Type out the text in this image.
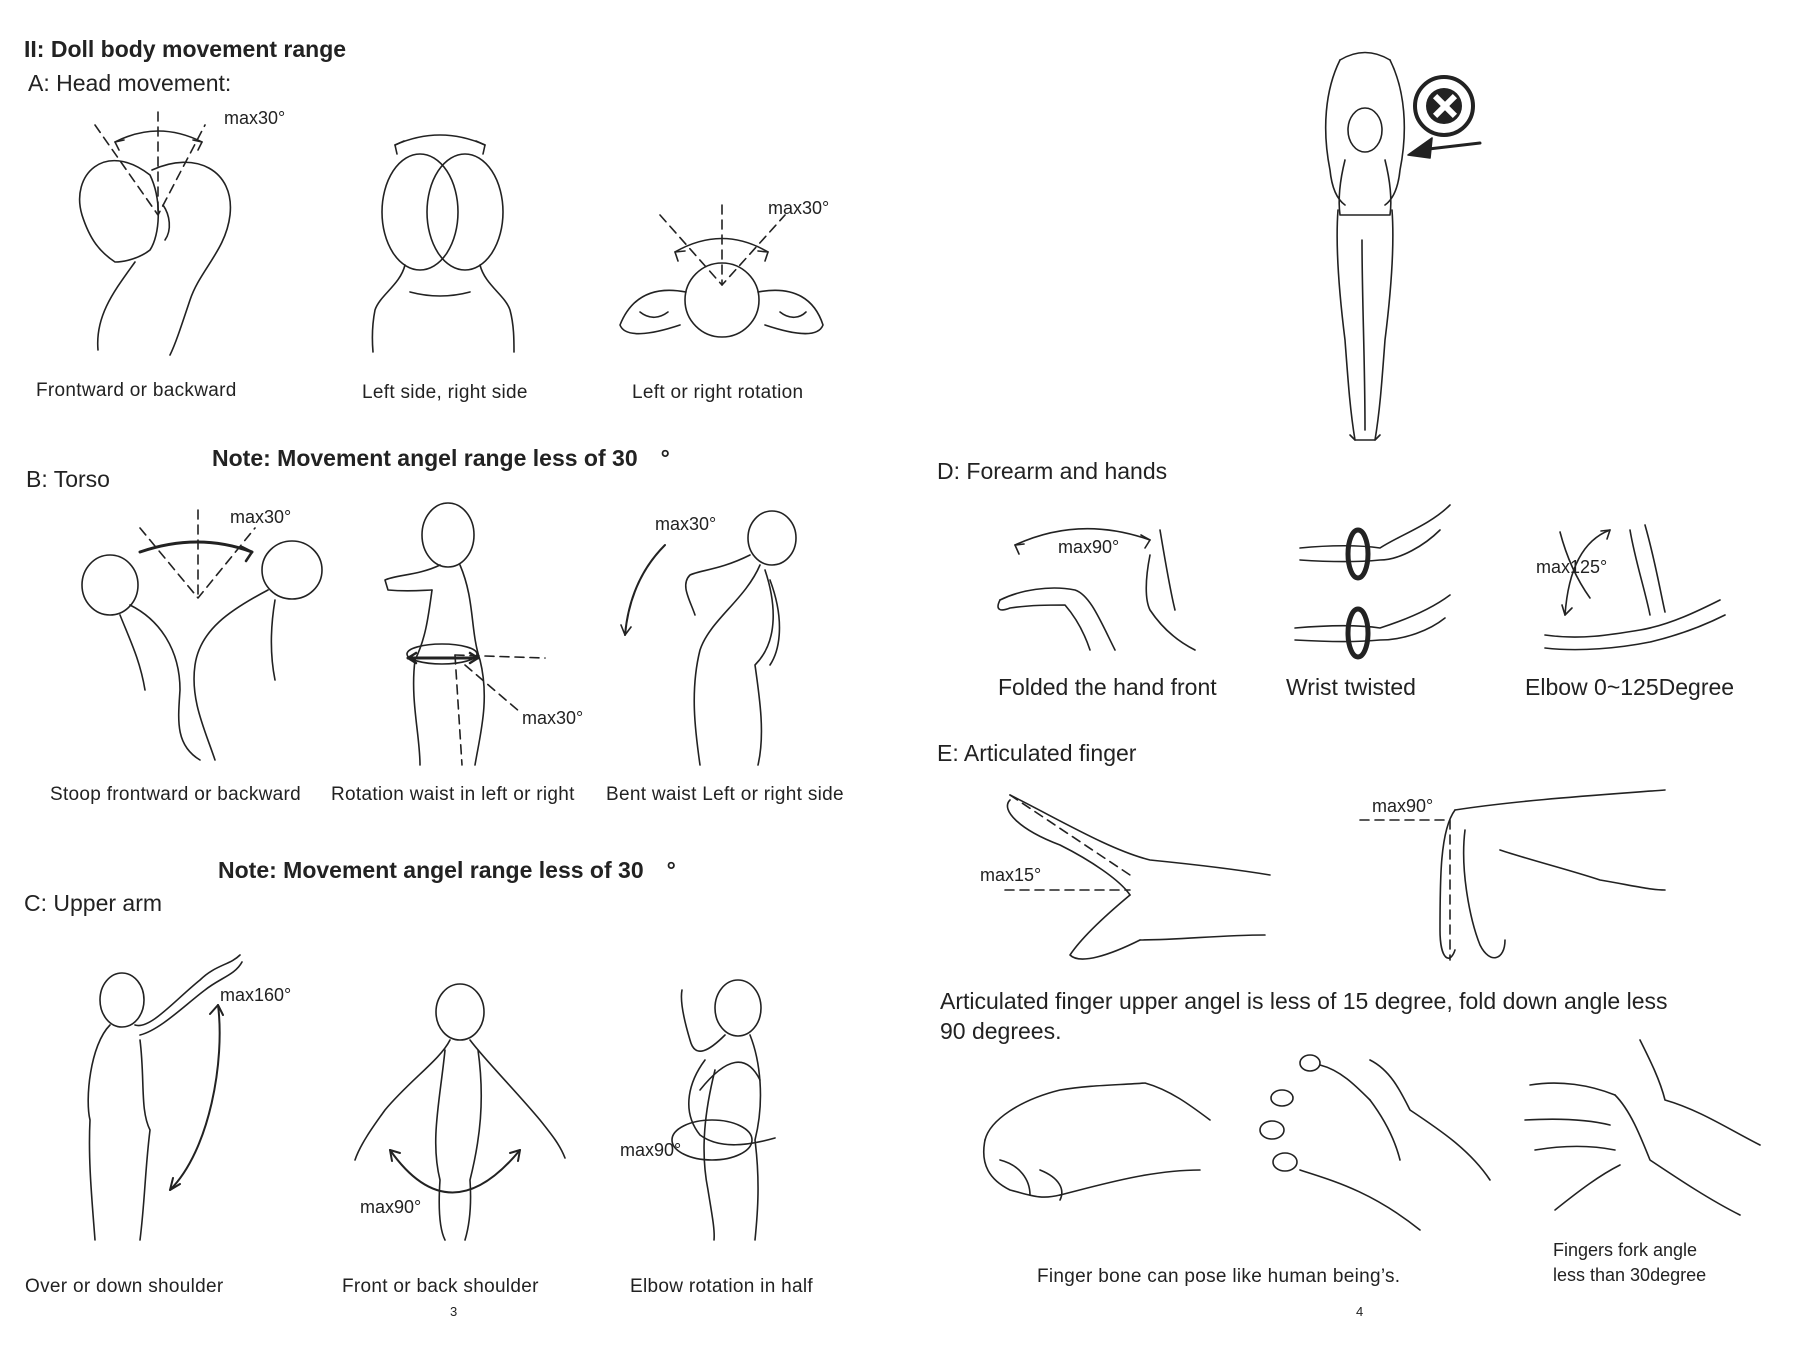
II: Doll body movement range
A: Head movement:
max30°
max30°
Frontward or backward	Left side, right side	Left or right rotation
Note: Movement angel range less of 30　°
B: Torso
max30°
max30°
max30°
Stoop frontward or backward Rotation waist in left or right Bent waist Left or right side
Note: Movement angel range less of 30　°
C: Upper arm
max160°
max90°
max90°
Over or down shoulder	Front or back shoulder	Elbow rotation in half
3
D: Forearm and hands
max90°
max125°
Folded the hand front	Wrist twisted	Elbow 0~125Degree
E: Articulated finger
max15°
max90°
Articulated finger upper angel is less of 15 degree, fold down angle less
90 degrees.
Finger bone can pose like human being’s.
Fingers fork angle
less than 30degree
4
